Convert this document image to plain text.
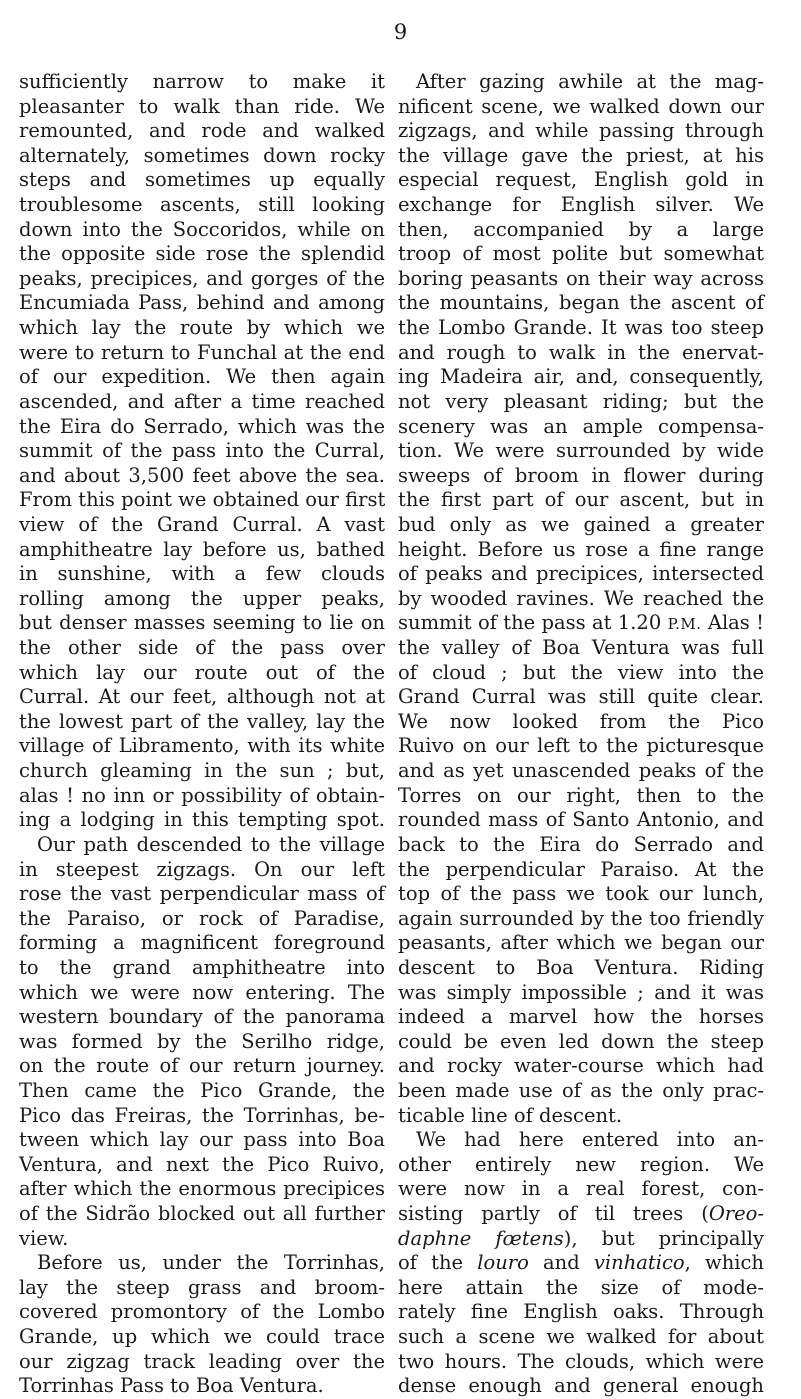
9
sufficiently narrow to make it
pleasanter to walk than ride. We
remounted, and rode and walked
alternately, sometimes down rocky
steps and sometimes up equally
troublesome ascents, still looking
down into the Soccoridos, while on
the opposite side rose the splendid
peaks, precipices, and gorges of the
Encumiada Pass, behind and among
which lay the route by which we
were to return to Funchal at the end
of our expedition. We then again
ascended, and after a time reached
the Eira do Serrado, which was the
summit of the pass into the Curral,
and about 3,500 feet above the sea.
From this point we obtained our first
view of the Grand Curral. A vast
amphitheatre lay before us, bathed
in sunshine, with a few clouds
rolling among the upper peaks,
but denser masses seeming to lie on
the other side of the pass over
which lay our route out of the
Curral. At our feet, although not at
the lowest part of the valley, lay the
village of Libramento, with its white
church gleaming in the sun ; but,
alas ! no inn or possibility of obtain-
ing a lodging in this tempting spot.
Our path descended to the village
in steepest zigzags. On our left
rose the vast perpendicular mass of
the Paraiso, or rock of Paradise,
forming a magnificent foreground
to the grand amphitheatre into
which we were now entering. The
western boundary of the panorama
was formed by the Serilho ridge,
on the route of our return journey.
Then came the Pico Grande, the
Pico das Freiras, the Torrinhas, be-
tween which lay our pass into Boa
Ventura, and next the Pico Ruivo,
after which the enormous precipices
of the Sidrão blocked out all further
view.
Before us, under the Torrinhas,
lay the steep grass and broom-
covered promontory of the Lombo
Grande, up which we could trace
our zigzag track leading over the
Torrinhas Pass to Boa Ventura.
After gazing awhile at the mag-
nificent scene, we walked down our
zigzags, and while passing through
the village gave the priest, at his
especial request, English gold in
exchange for English silver. We
then, accompanied by a large
troop of most polite but somewhat
boring peasants on their way across
the mountains, began the ascent of
the Lombo Grande. It was too steep
and rough to walk in the enervat-
ing Madeira air, and, consequently,
not very pleasant riding; but the
scenery was an ample compensa-
tion. We were surrounded by wide
sweeps of broom in flower during
the first part of our ascent, but in
bud only as we gained a greater
height. Before us rose a fine range
of peaks and precipices, intersected
by wooded ravines. We reached the
summit of the pass at 1.20 P.M. Alas !
the valley of Boa Ventura was full
of cloud ; but the view into the
Grand Curral was still quite clear.
We now looked from the Pico
Ruivo on our left to the picturesque
and as yet unascended peaks of the
Torres on our right, then to the
rounded mass of Santo Antonio, and
back to the Eira do Serrado and
the perpendicular Paraiso. At the
top of the pass we took our lunch,
again surrounded by the too friendly
peasants, after which we began our
descent to Boa Ventura. Riding
was simply impossible ; and it was
indeed a marvel how the horses
could be even led down the steep
and rocky water-course which had
been made use of as the only prac-
ticable line of descent.
We had here entered into an-
other entirely new region. We
were now in a real forest, con-
sisting partly of til trees (Oreo-
daphne fœtens), but principally
of the louro and vinhatico, which
here attain the size of mode-
rately fine English oaks. Through
such a scene we walked for about
two hours. The clouds, which were
dense enough and general enough
